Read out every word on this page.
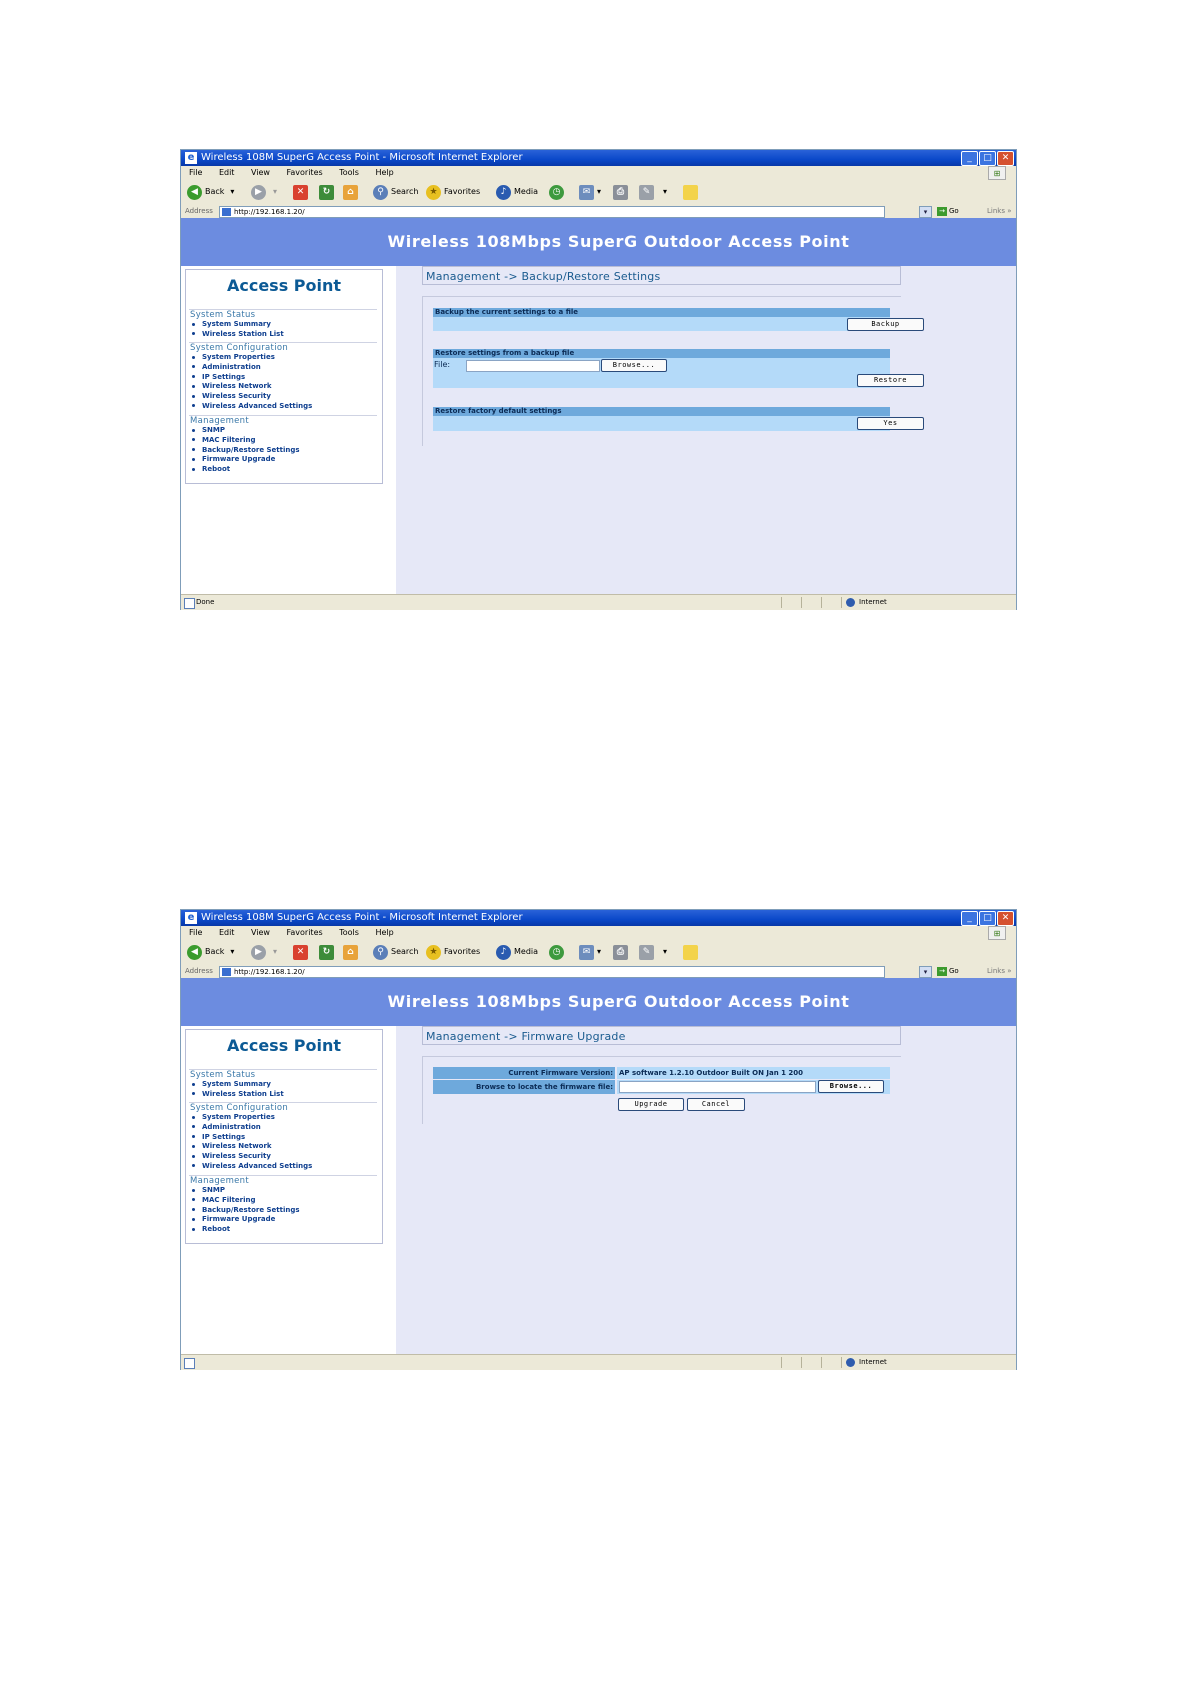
e Wireless 108M SuperG Access Point - Microsoft Internet Explorer	_	□	✕
File Edit View Favorites Tools Help	⊞
◀ Back ▾	▶	▾	✕	↻	⌂	⚲ Search	★ Favorites	♪ Media	◷	✉ ▾	⎙	✎	▾
Address	http://192.168.1.20/	▾	→ Go	Links »
Wireless 108Mbps SuperG Outdoor Access Point
Access Point
System Status
System Summary
Wireless Station List
System Configuration
System Properties
Administration
IP Settings
Wireless Network
Wireless Security
Wireless Advanced Settings
Management
SNMP
MAC Filtering
Backup/Restore Settings
Firmware Upgrade
Reboot
Management -> Backup/Restore Settings
Backup the current settings to a file
Backup
Restore settings from a backup file
File:	Browse...
Restore
Restore factory default settings
Yes
Done	Internet
e Wireless 108M SuperG Access Point - Microsoft Internet Explorer	_	□	✕
File Edit View Favorites Tools Help	⊞
◀ Back ▾	▶	▾	✕	↻	⌂	⚲ Search	★ Favorites	♪ Media	◷	✉ ▾	⎙	✎	▾
Address	http://192.168.1.20/	▾	→ Go	Links »
Wireless 108Mbps SuperG Outdoor Access Point
Access Point
System Status
System Summary
Wireless Station List
System Configuration
System Properties
Administration
IP Settings
Wireless Network
Wireless Security
Wireless Advanced Settings
Management
SNMP
MAC Filtering
Backup/Restore Settings
Firmware Upgrade
Reboot
Management -> Firmware Upgrade
Current Firmware Version: AP software 1.2.10 Outdoor Built ON Jan 1 200
Browse to locate the firmware file:	Browse...
Upgrade	Cancel
Internet
